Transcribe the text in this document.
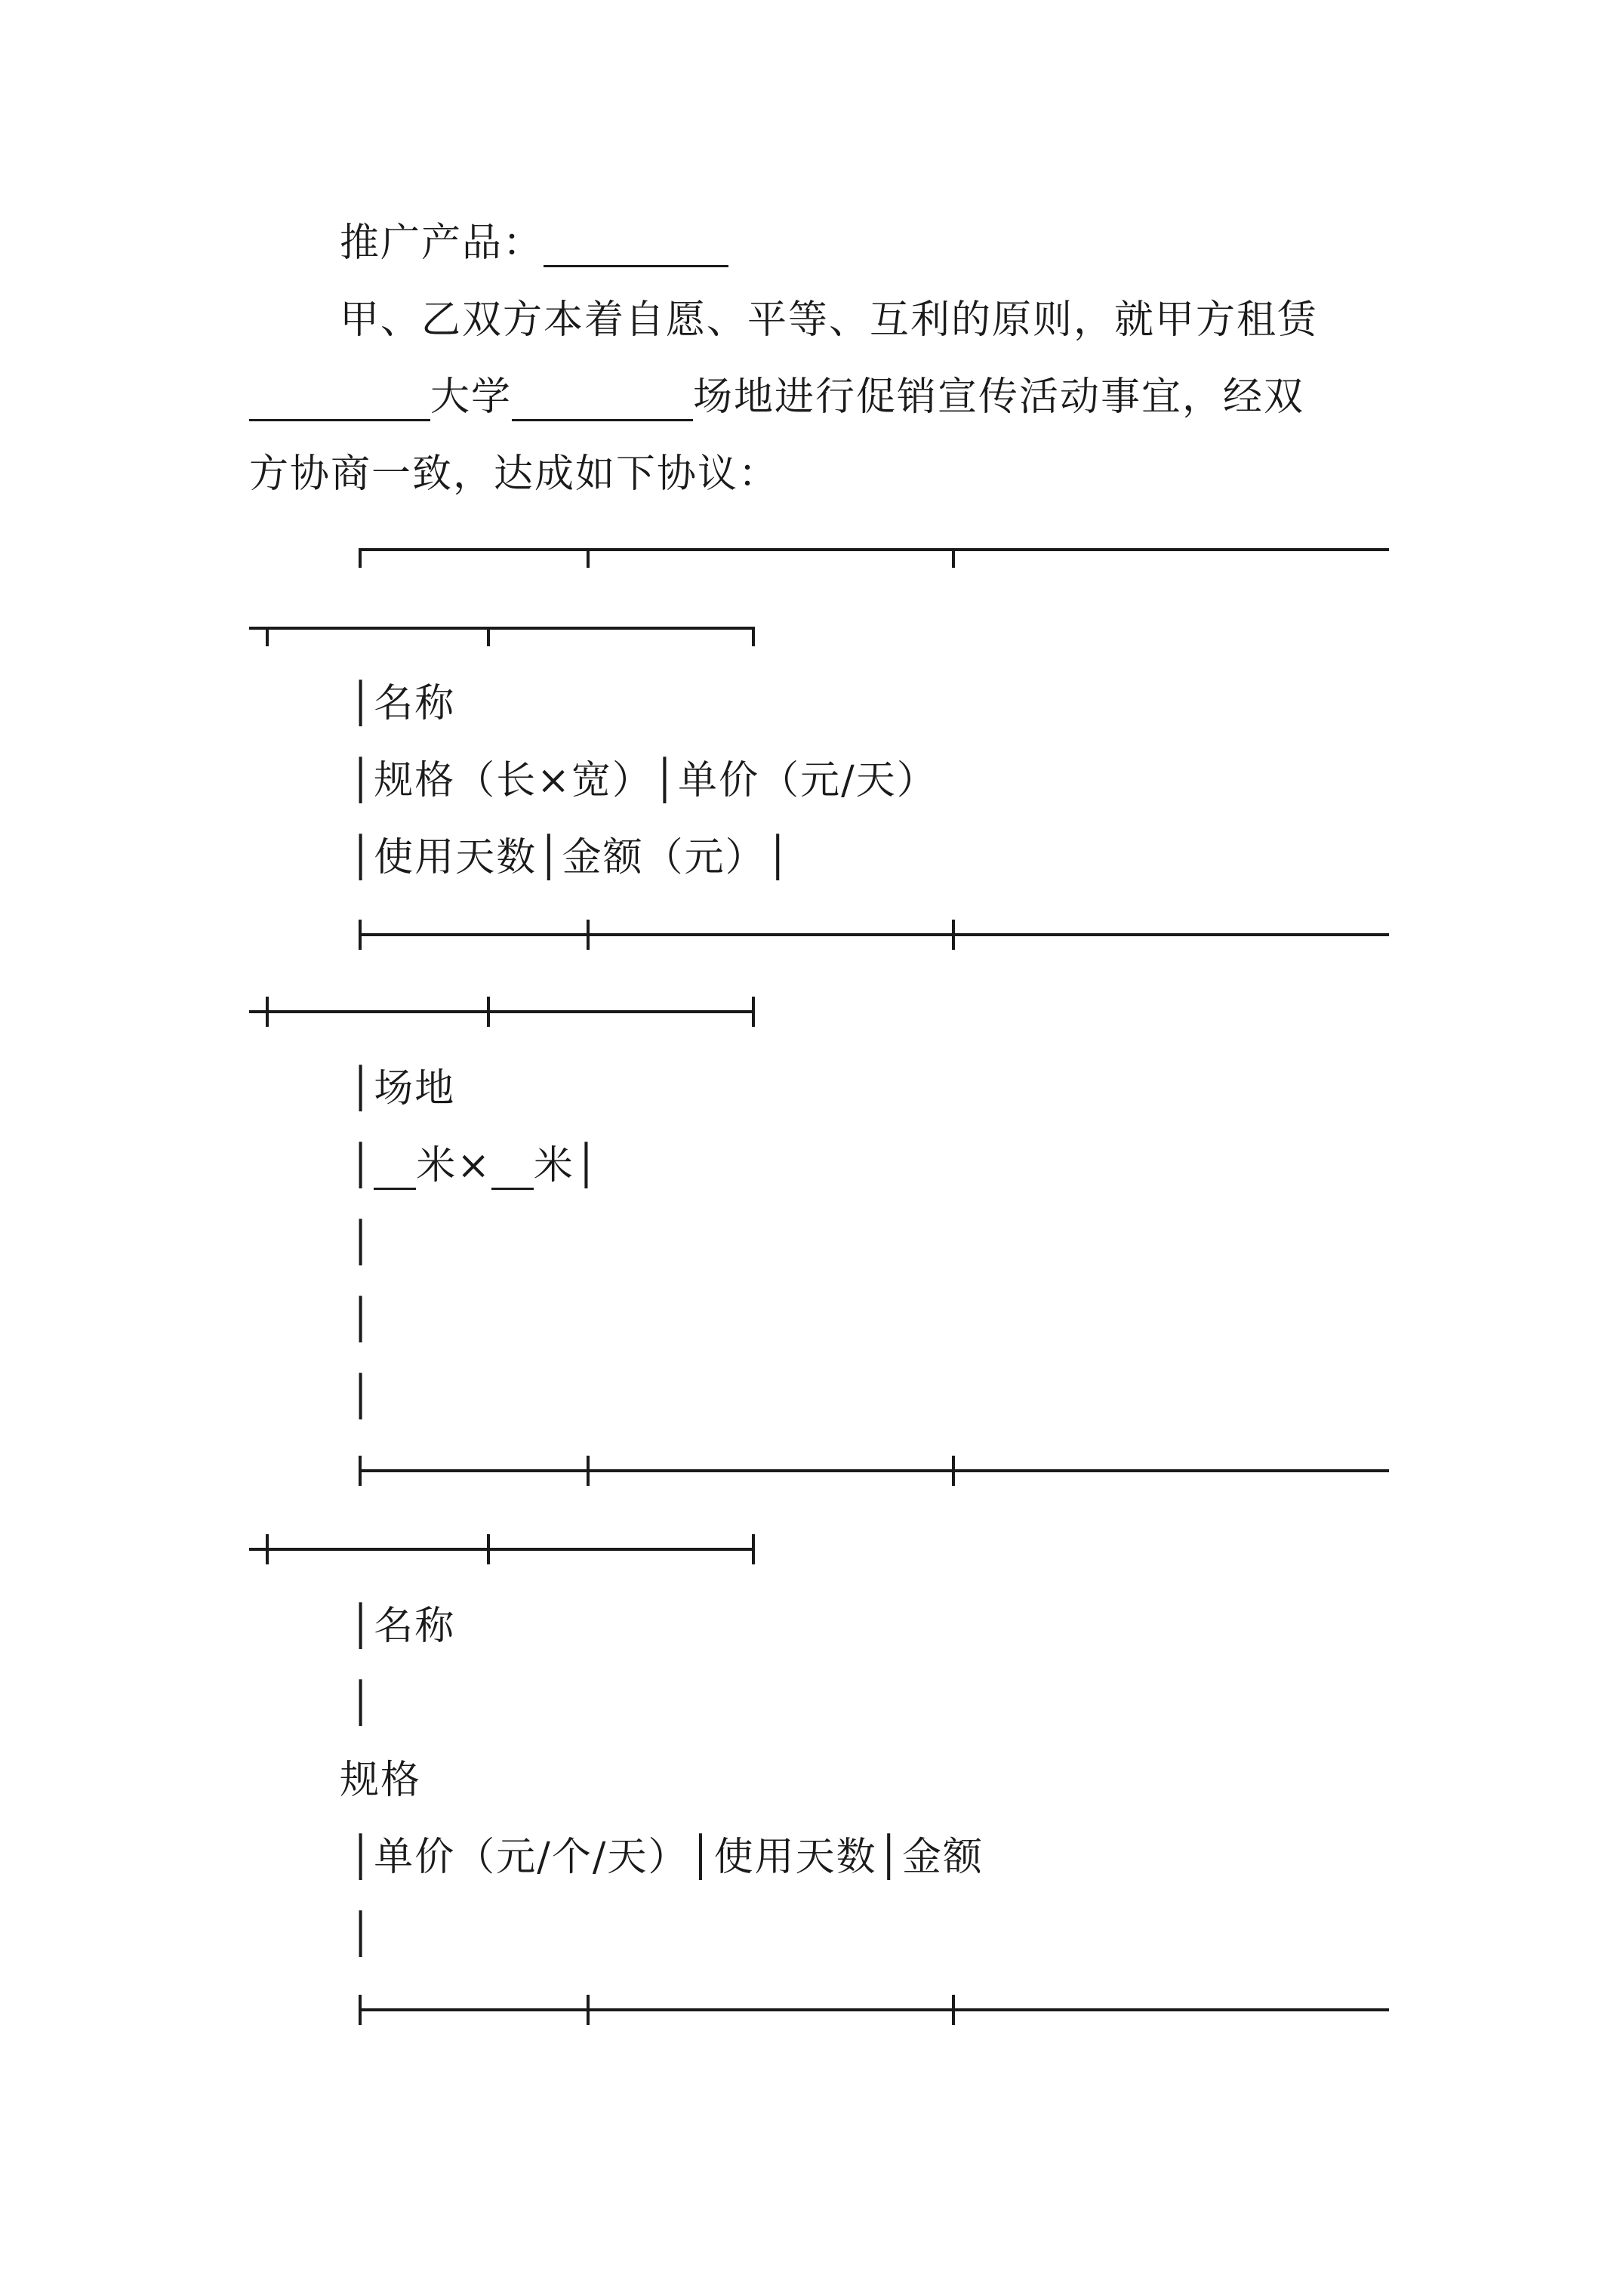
推广产品：
甲、乙双方本着自愿、平等、互利的原则，就甲方租赁
大学	场地进行促销宣传活动事宜，经双
方协商一致，达成如下协议：
│名称
│规格（长×宽）│单价（元/天）
│使用天数│金额（元）│
│场地
│ 米× 米│
│
│
│
│名称
│
规格
│单价（元/个/天）│使用天数│金额
│
